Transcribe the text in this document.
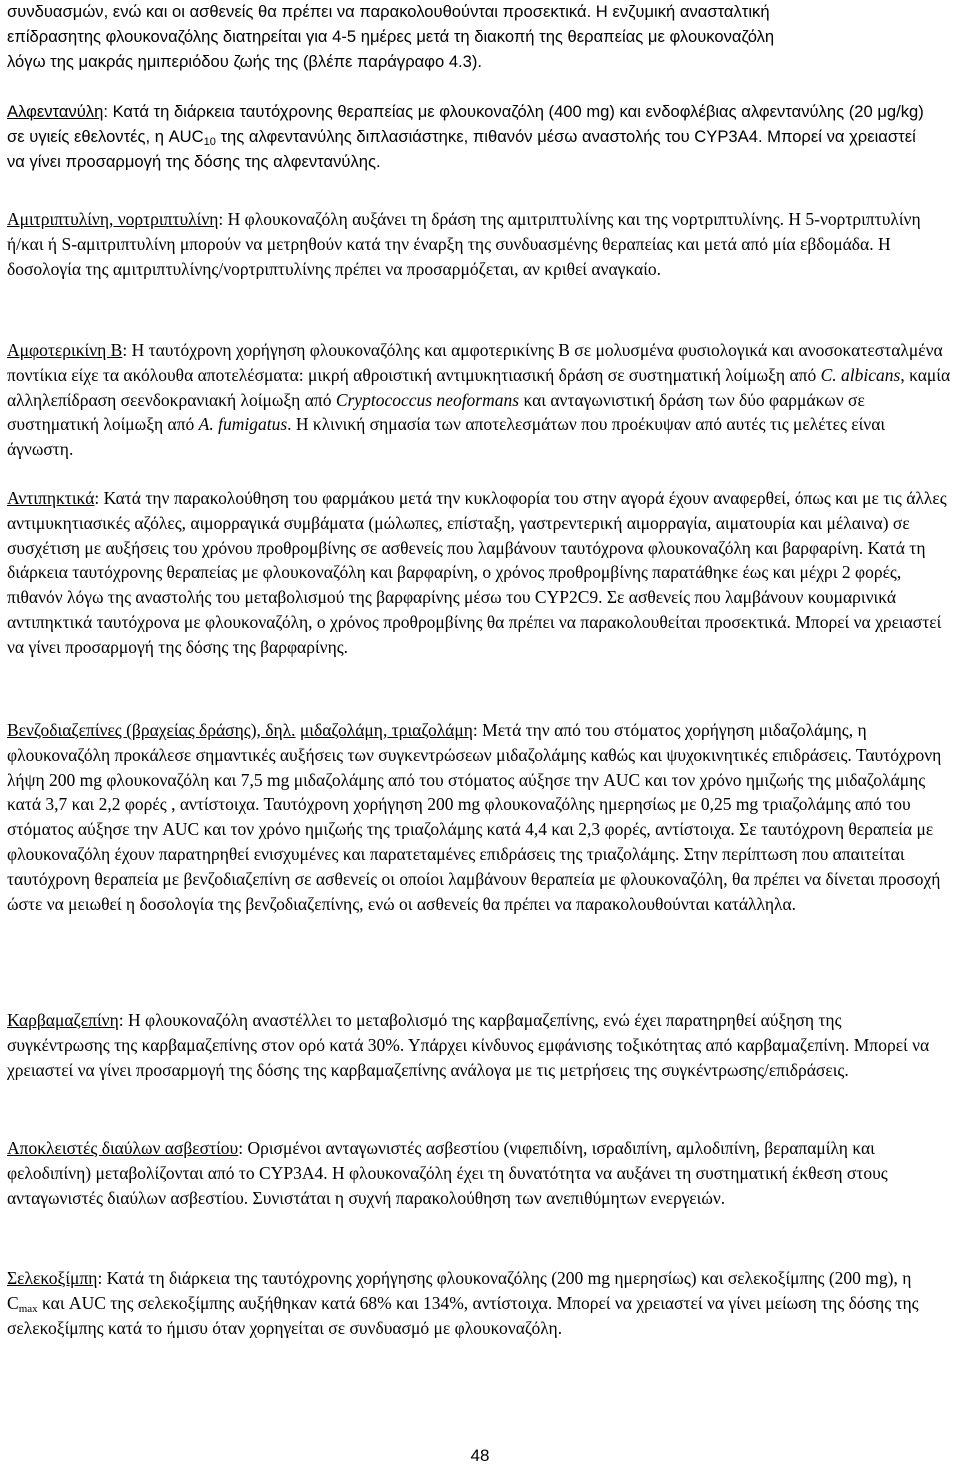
συνδυασμών, ενώ και οι ασθενείς θα πρέπει να παρακολουθούνται προσεκτικά. Η ενζυμική ανασταλτική
επίδρασητης φλουκοναζόλης διατηρείται για 4-5 ημέρες μετά τη διακοπή της θεραπείας με φλουκοναζόλη
λόγω της μακράς ημιπεριόδου ζωής της (βλέπε παράγραφο 4.3).
Αλφεντανύλη: Κατά τη διάρκεια ταυτόχρονης θεραπείας με φλουκοναζόλη (400 mg) και ενδοφλέβιας αλφεντανύλης (20 μg/kg) σε υγιείς εθελοντές, η $AUC_{10}$ της αλφεντανύλης διπλασιάστηκε, πιθανόν μέσω αναστολής του CYP3A4. Μπορεί να χρειαστεί να γίνει προσαρμογή της δόσης της αλφεντανύλης.
Αμιτριπτυλίνη, νορτριπτυλίνη: Η φλουκοναζόλη αυξάνει τη δράση της αμιτριπτυλίνης και της νορτριπτυλίνης. Η 5-νορτριπτυλίνη ή/και ή S-αμιτριπτυλίνη μπορούν να μετρηθούν κατά την έναρξη της συνδυασμένης θεραπείας και μετά από μία εβδομάδα. Η δοσολογία της αμιτριπτυλίνης/νορτριπτυλίνης πρέπει να προσαρμόζεται, αν κριθεί αναγκαίο.
Αμφοτερικίνη Β: Η ταυτόχρονη χορήγηση φλουκοναζόλης και αμφοτερικίνης Β σε μολυσμένα φυσιολογικά και ανοσοκατεσταλμένα ποντίκια είχε τα ακόλουθα αποτελέσματα: μικρή αθροιστική αντιμυκητιασική δράση σε συστηματική λοίμωξη από C. albicans, καμία αλληλεπίδραση σεενδοκρανιακή λοίμωξη από Cryptococcus neoformans και ανταγωνιστική δράση των δύο φαρμάκων σε συστηματική λοίμωξη από A. fumigatus. Η κλινική σημασία των αποτελεσμάτων που προέκυψαν από αυτές τις μελέτες είναι άγνωστη.
Αντιπηκτικά: Κατά την παρακολούθηση του φαρμάκου μετά την κυκλοφορία του στην αγορά έχουν αναφερθεί, όπως και με τις άλλες αντιμυκητιασικές αζόλες, αιμορραγικά συμβάματα (μώλωπες, επίσταξη, γαστρεντερική αιμορραγία, αιματουρία και μέλαινα) σε συσχέτιση με αυξήσεις του χρόνου προθρομβίνης σε ασθενείς που λαμβάνουν ταυτόχρονα φλουκοναζόλη και βαρφαρίνη. Κατά τη διάρκεια ταυτόχρονης θεραπείας με φλουκοναζόλη και βαρφαρίνη, ο χρόνος προθρομβίνης παρατάθηκε έως και μέχρι 2 φορές, πιθανόν λόγω της αναστολής του μεταβολισμού της βαρφαρίνης μέσω του CYP2C9. Σε ασθενείς που λαμβάνουν κουμαρινικά αντιπηκτικά ταυτόχρονα με φλουκοναζόλη, ο χρόνος προθρομβίνης θα πρέπει να παρακολουθείται προσεκτικά. Μπορεί να χρειαστεί να γίνει προσαρμογή της δόσης της βαρφαρίνης.
Βενζοδιαζεπίνες (βραχείας δράσης), δηλ. μιδαζολάμη, τριαζολάμη: Μετά την από του στόματος χορήγηση μιδαζολάμης, η φλουκοναζόλη προκάλεσε σημαντικές αυξήσεις των συγκεντρώσεων μιδαζολάμης καθώς και ψυχοκινητικές επιδράσεις. Ταυτόχρονη λήψη 200 mg φλουκοναζόλη και 7,5 mg μιδαζολάμης από του στόματος αύξησε την AUC και τον χρόνο ημιζωής της μιδαζολάμης κατά 3,7 και 2,2 φορές , αντίστοιχα. Ταυτόχρονη χορήγηση 200 mg φλουκοναζόλης ημερησίως με 0,25 mg τριαζολάμης από του στόματος αύξησε την AUC και τον χρόνο ημιζωής της τριαζολάμης κατά 4,4 και 2,3 φορές, αντίστοιχα. Σε ταυτόχρονη θεραπεία με φλουκοναζόλη έχουν παρατηρηθεί ενισχυμένες και παρατεταμένες επιδράσεις της τριαζολάμης. Στην περίπτωση που απαιτείται ταυτόχρονη θεραπεία με βενζοδιαζεπίνη σε ασθενείς οι οποίοι λαμβάνουν θεραπεία με φλουκοναζόλη, θα πρέπει να δίνεται προσοχή ώστε να μειωθεί η δοσολογία της βενζοδιαζεπίνης, ενώ οι ασθενείς θα πρέπει να παρακολουθούνται κατάλληλα.
Καρβαμαζεπίνη: Η φλουκοναζόλη αναστέλλει το μεταβολισμό της καρβαμαζεπίνης, ενώ έχει παρατηρηθεί αύξηση της συγκέντρωσης της καρβαμαζεπίνης στον ορό κατά 30%. Υπάρχει κίνδυνος εμφάνισης τοξικότητας από καρβαμαζεπίνη. Μπορεί να χρειαστεί να γίνει προσαρμογή της δόσης της καρβαμαζεπίνης ανάλογα με τις μετρήσεις της συγκέντρωσης/επιδράσεις.
Αποκλειστές διαύλων ασβεστίου: Ορισμένοι ανταγωνιστές ασβεστίου (νιφεπιδίνη, ισραδιπίνη, αμλοδιπίνη, βεραπαμίλη και φελοδιπίνη) μεταβολίζονται από το CYP3A4. Η φλουκοναζόλη έχει τη δυνατότητα να αυξάνει τη συστηματική έκθεση στους ανταγωνιστές διαύλων ασβεστίου. Συνιστάται η συχνή παρακολούθηση των ανεπιθύμητων ενεργειών.
Σελεκοξίμπη: Κατά τη διάρκεια της ταυτόχρονης χορήγησης φλουκοναζόλης (200 mg ημερησίως) και σελεκοξίμπης (200 mg), η $C_{max}$ και AUC της σελεκοξίμπης αυξήθηκαν κατά 68% και 134%, αντίστοιχα. Μπορεί να χρειαστεί να γίνει μείωση της δόσης της σελεκοξίμπης κατά το ήμισυ όταν χορηγείται σε συνδυασμό με φλουκοναζόλη.
48
